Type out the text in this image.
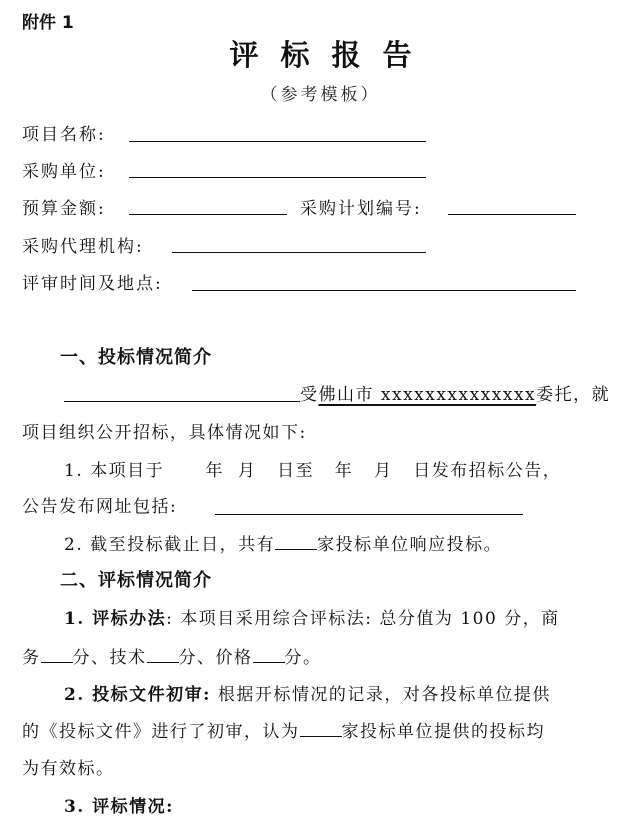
附件 1
评标报告
（参考模板）
项目名称:
采购单位:
预算金额:	采购计划编号:
采购代理机构:
评审时间及地点:
一、投标情况简介
受佛山市 xxxxxxxxxxxxxx委托，就
项目组织公开招标，具体情况如下:
1. 本项目于      年  月   日至   年   月   日发布招标公告，
公告发布网址包括:
2. 截至投标截止日，共有 家投标单位响应投标。
二、评标情况简介
1. 评标办法: 本项目采用综合评标法: 总分值为 100 分，商
务 分、技术 分、价格 分。
2. 投标文件初审: 根据开标情况的记录，对各投标单位提供
的《投标文件》进行了初审，认为 家投标单位提供的投标均
为有效标。
3. 评标情况:
